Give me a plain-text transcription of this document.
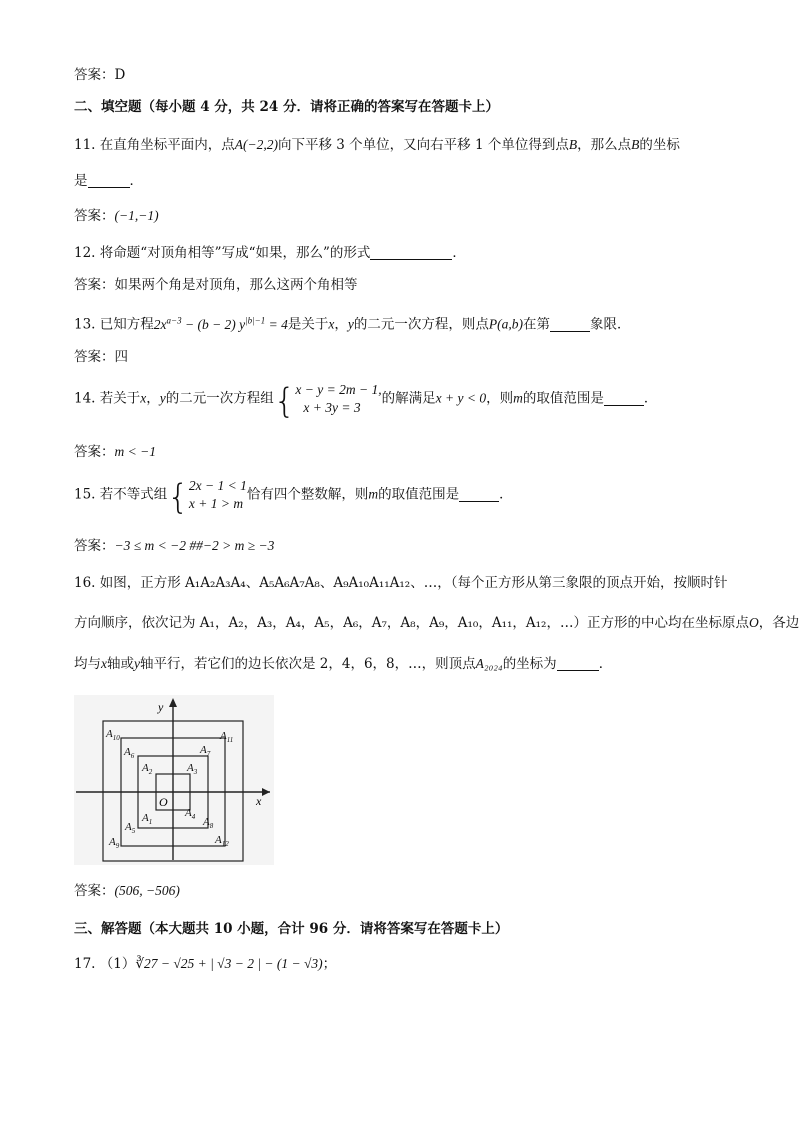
答案：D
二、填空题（每小题 4 分，共 24 分．请将正确的答案写在答题卡上）
11. 在直角坐标平面内，点A(−2,2)向下平移 3 个单位，又向右平移 1 个单位得到点B，那么点B的坐标
是	．
答案：(−1,−1)
12. 将命题“对顶角相等”写成“如果，那么”的形式	．
答案：如果两个角是对顶角，那么这两个角相等
13. 已知方程$2x^{a-3} - (b - 2) y^{|b|-1} = 4$是关于x，y的二元一次方程，则点P(a,b)在第	象限．
答案：四
14. 若关于x，y的二元一次方程组{ x − y = 2m − 1,
x + 3y = 3
的解满足x + y < 0，则m的取值范围是	．
答案：m < −1
15. 若不等式组{ 2x − 1 < 1
x + 1 > m
恰有四个整数解，则m的取值范围是	．
答案：−3 ≤ m < −2 ##−2 > m ≥ −3
16. 如图，正方形 A₁A₂A₃A₄、A₅A₆A₇A₈、A₉A₁₀A₁₁A₁₂、…，（每个正方形从第三象限的顶点开始，按顺时针
方向顺序，依次记为 A₁，A₂，A₃，A₄，A₅，A₆，A₇，A₈，A₉，A₁₀，A₁₁，A₁₂，…）正方形的中心均在坐标原点O，各边
均与x轴或y轴平行，若它们的边长依次是 2，4，6，8，…，则顶点A₂₀₂₄的坐标为	．
y
x
O
$A_1$
$A_2$	$A_3$
$A_4$
$A_5$
$A_6$	$A_7$
$A_8$
$A_9$
$A_{10}$	$A_{11}$
$A_{12}$
答案：(506, −506)
三、解答题（本大题共 10 小题，合计 96 分．请将答案写在答题卡上）
17. （1）∛27 − √25 + | √3 − 2 | − (1 − √3)；
